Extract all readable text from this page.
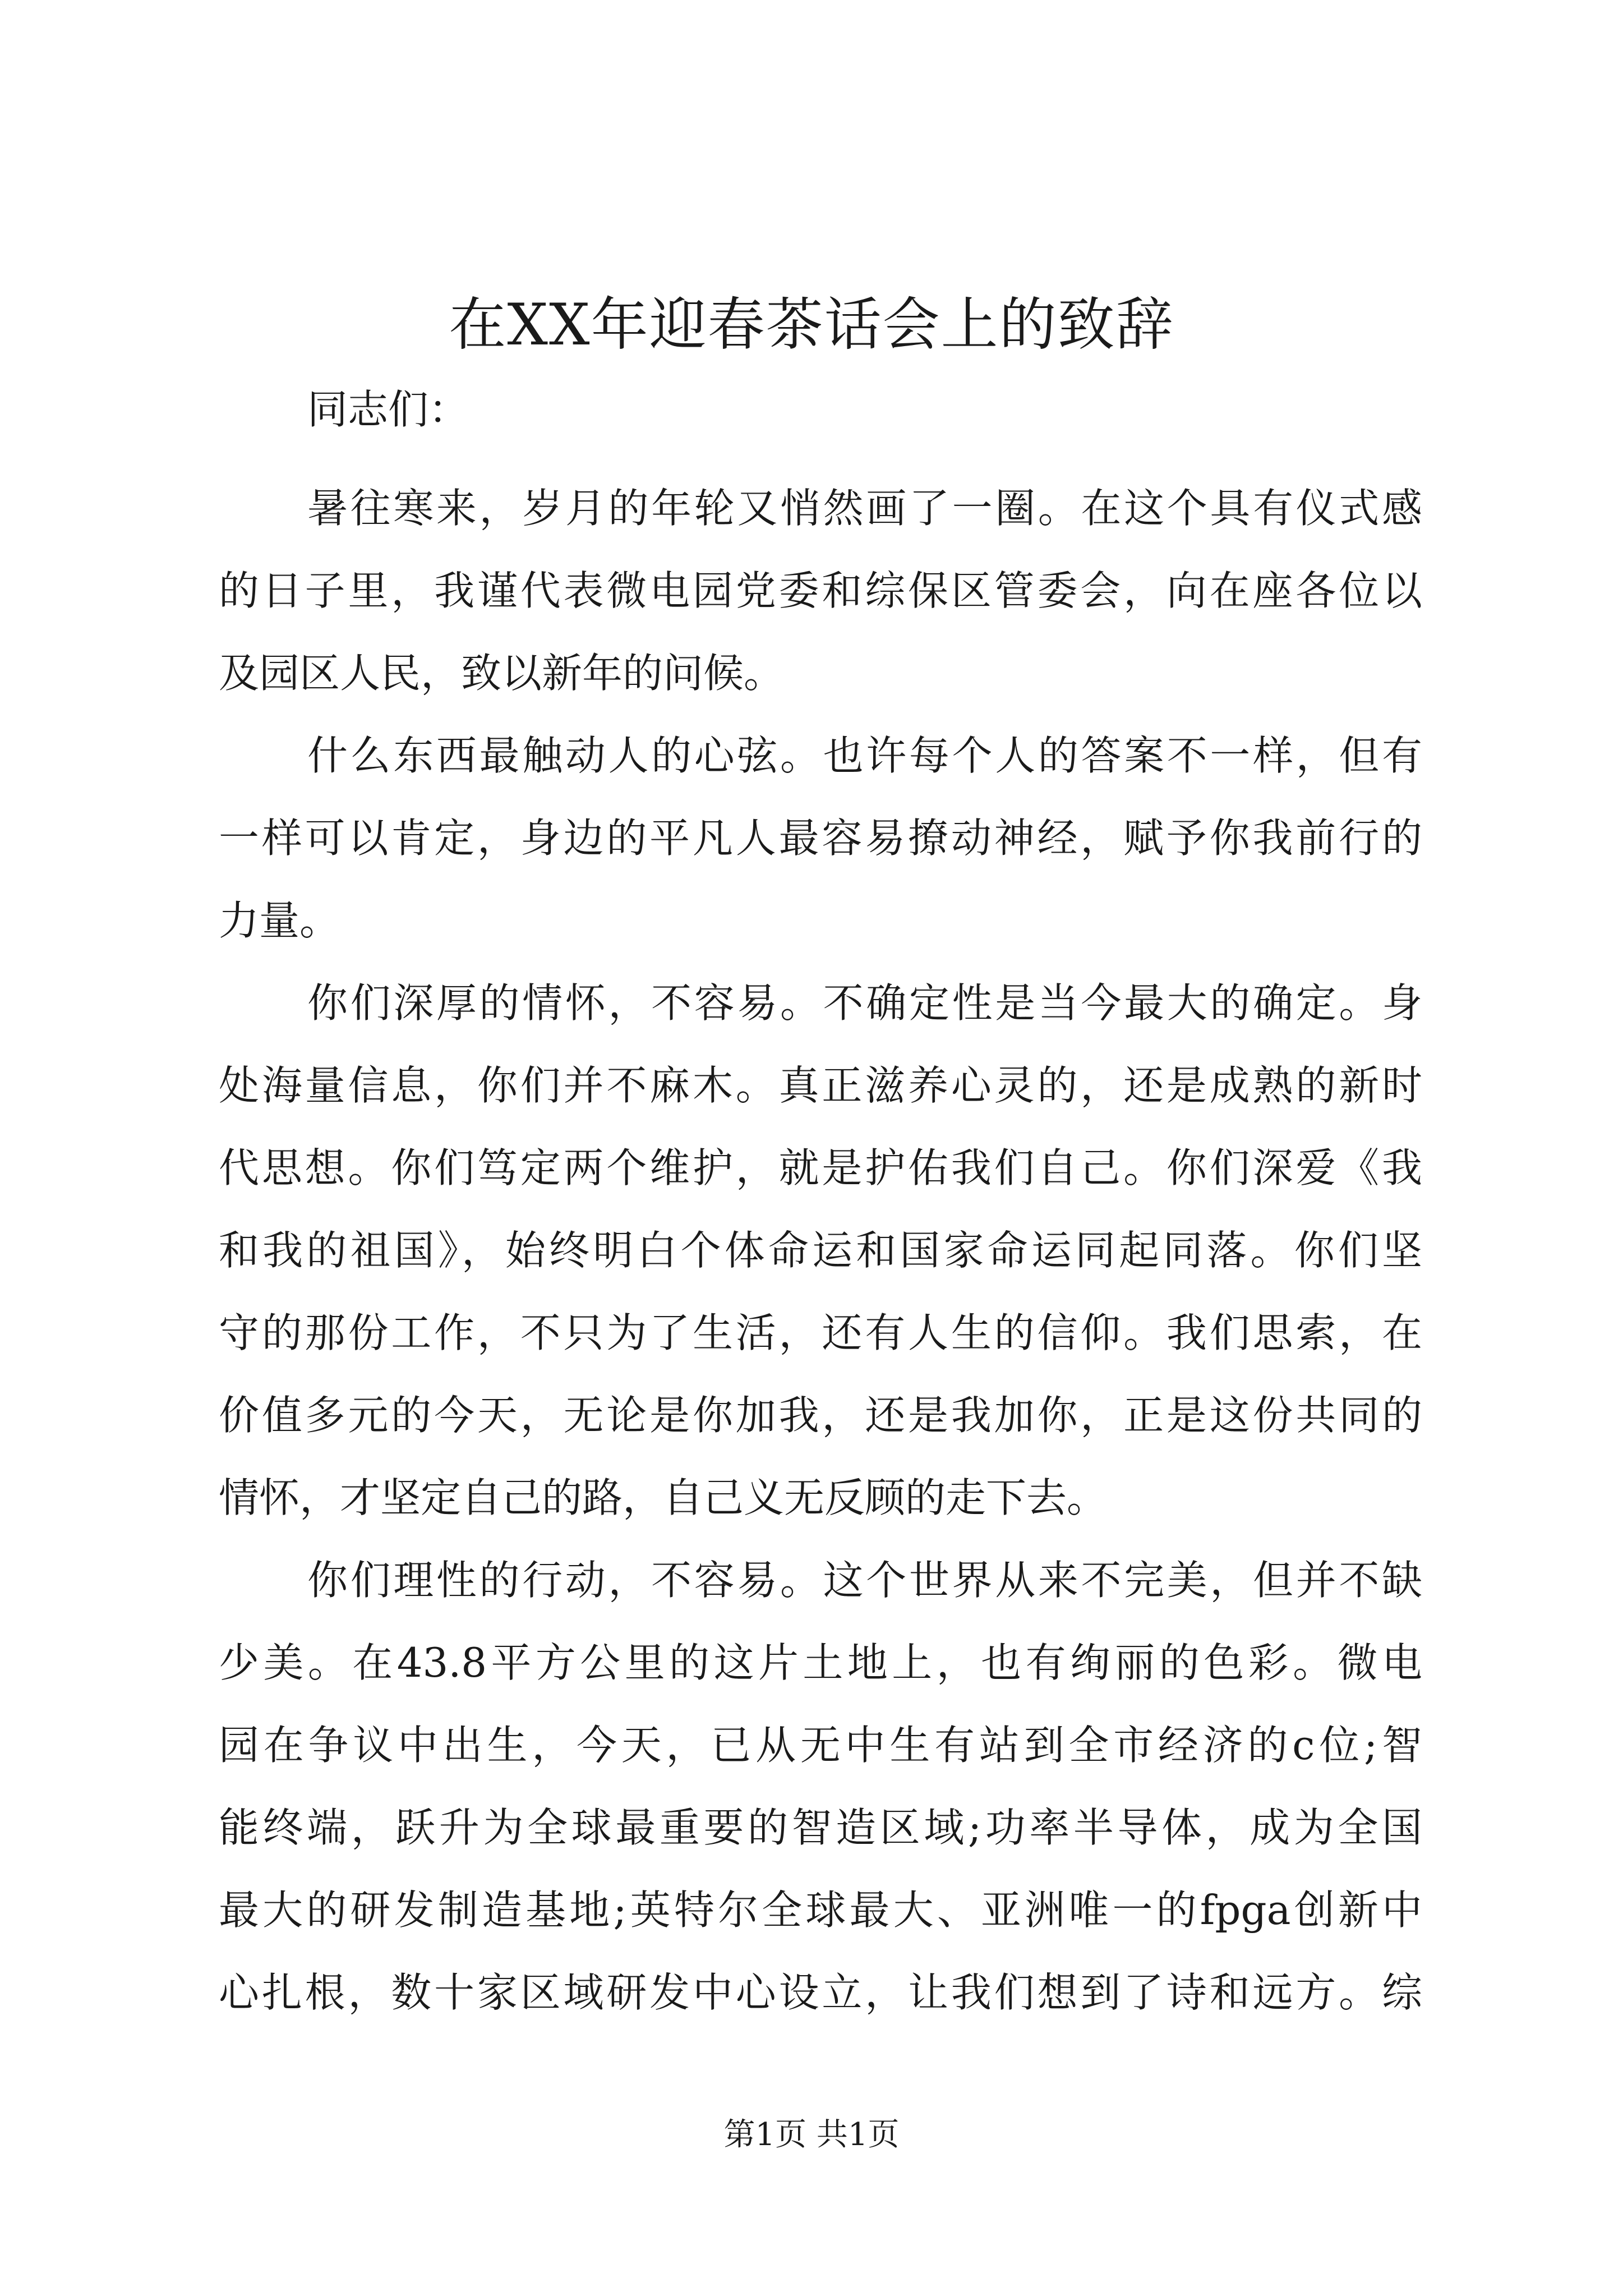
在XX年迎春茶话会上的致辞

同志们：

暑往寒来，岁月的年轮又悄然画了一圈。在这个具有仪式感
的日子里，我谨代表微电园党委和综保区管委会，向在座各位以
及园区人民，致以新年的问候。
什么东西最触动人的心弦。也许每个人的答案不一样，但有
一样可以肯定，身边的平凡人最容易撩动神经，赋予你我前行的
力量。
你们深厚的情怀，不容易。不确定性是当今最大的确定。身
处海量信息，你们并不麻木。真正滋养心灵的，还是成熟的新时
代思想。你们笃定两个维护，就是护佑我们自己。你们深爱《我
和我的祖国》，始终明白个体命运和国家命运同起同落。你们坚
守的那份工作，不只为了生活，还有人生的信仰。我们思索，在
价值多元的今天，无论是你加我，还是我加你，正是这份共同的
情怀，才坚定自己的路，自己义无反顾的走下去。
你们理性的行动，不容易。这个世界从来不完美，但并不缺
少美。在43.8平方公里的这片土地上，也有绚丽的色彩。微电
园在争议中出生，今天，已从无中生有站到全市经济的c位;智
能终端，跃升为全球最重要的智造区域;功率半导体，成为全国
最大的研发制造基地;英特尔全球最大、亚洲唯一的fpga创新中
心扎根，数十家区域研发中心设立，让我们想到了诗和远方。综
第1页 共1页
